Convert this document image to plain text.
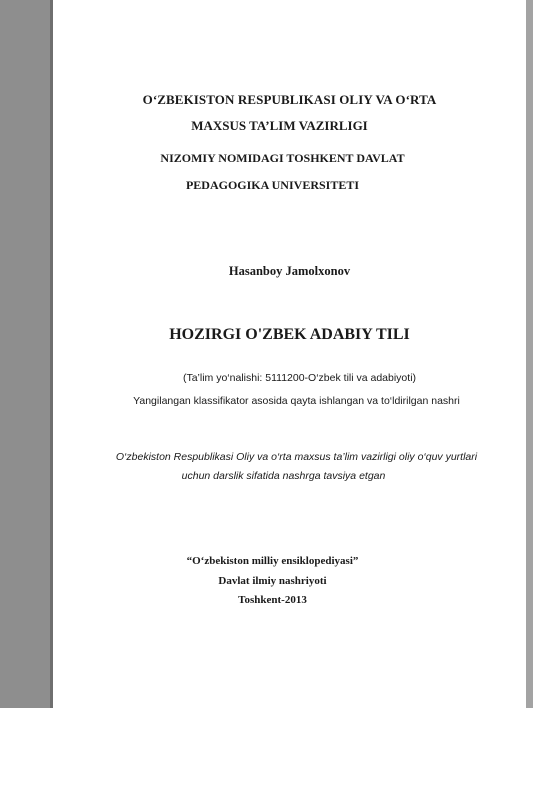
O‘ZBEKISTON RESPUBLIKASI OLIY VA O‘RTA
MAXSUS TA’LIM VAZIRLIGI
NIZOMIY NOMIDAGI TOSHKENT DAVLAT
PEDAGOGIKA UNIVERSITETI
Hasanboy Jamolxonov
HOZIRGI O'ZBEK ADABIY TILI
(Ta’lim yo‘nalishi: 5111200-O‘zbek tili va adabiyoti)
Yangilangan klassifikator asosida qayta ishlangan va to‘ldirilgan nashri
O‘zbekiston Respublikasi Oliy va o‘rta maxsus ta’lim vazirligi oliy o‘quv yurtlari
uchun darslik sifatida nashrga tavsiya etgan
“O‘zbekiston milliy ensiklopediyasi”
Davlat ilmiy nashriyoti
Toshkent-2013
